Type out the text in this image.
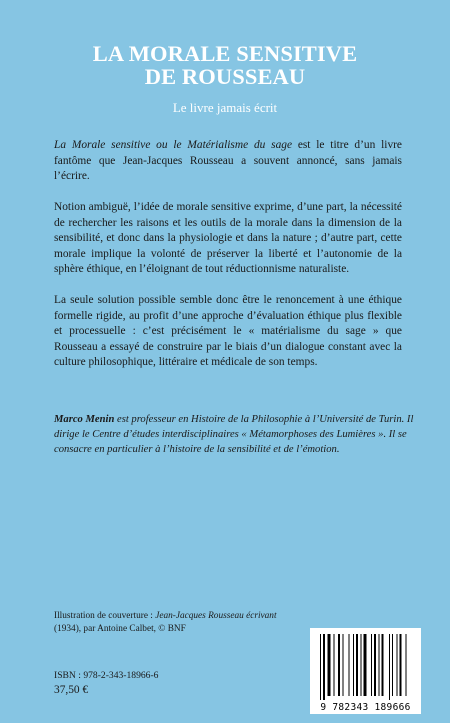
LA MORALE SENSITIVE
DE ROUSSEAU
Le livre jamais écrit

La Morale sensitive ou le Matérialisme du sage est le titre d’un livre fantôme que Jean-Jacques Rousseau a souvent annoncé, sans jamais l’écrire.

Notion ambiguë, l’idée de morale sensitive exprime, d’une part, la nécessité de rechercher les raisons et les outils de la morale dans la dimension de la sensibilité, et donc dans la physiologie et dans la nature ; d’autre part, cette morale implique la volonté de préserver la liberté et l’autonomie de la sphère éthique, en l’éloignant de tout réductionnisme naturaliste.

La seule solution possible semble donc être le renoncement à une éthique formelle rigide, au profit d’une approche d’évaluation éthique plus flexible et processuelle : c’est précisément le « matérialisme du sage » que Rousseau a essayé de construire par le biais d’un dialogue constant avec la culture philosophique, littéraire et médicale de son temps.

Marco Menin est professeur en Histoire de la Philosophie à l’Université de Turin. Il dirige le Centre d’études interdisciplinaires « Métamorphoses des Lumières ». Il se consacre en particulier à l’histoire de la sensibilité et de l’émotion.
Illustration de couverture : Jean-Jacques Rousseau écrivant (1934), par Antoine Calbet, © BNF
ISBN : 978-2-343-18966-6
37,50 €
9 782343 189666
